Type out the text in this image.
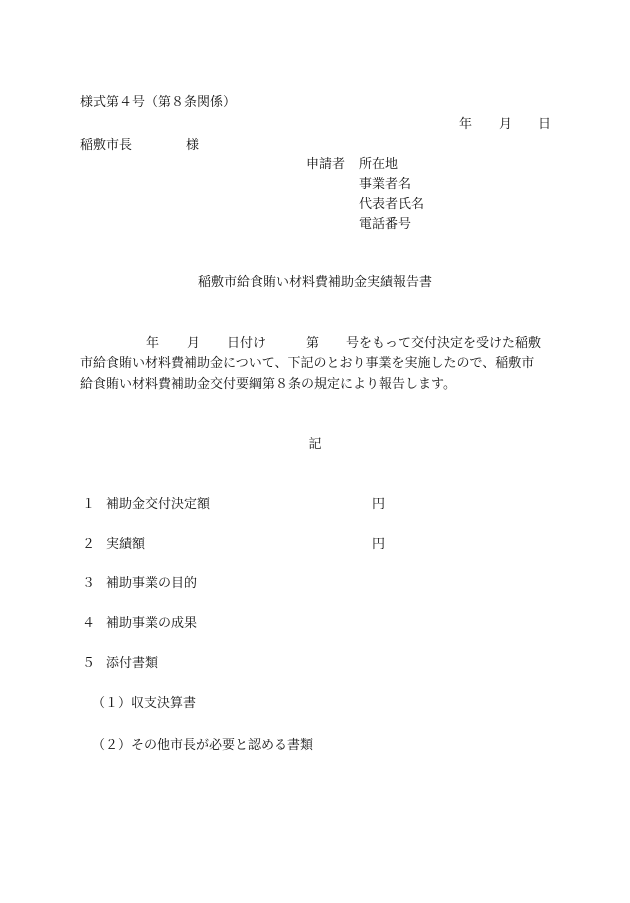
様式第４号（第８条関係）
年 月 日
稲敷市長	様
申請者 所在地
事業者名
代表者氏名
電話番号
稲敷市給食賄い材料費補助金実績報告書
年 月 日付け	第 号をもって交付決定を受けた稲敷
市給食賄い材料費補助金について、下記のとおり事業を実施したので、稲敷市
給食賄い材料費補助金交付要綱第８条の規定により報告します。
記
１ 補助金交付決定額	円
２ 実績額	円
３ 補助事業の目的
４ 補助事業の成果
５ 添付書類
（１）収支決算書
（２）その他市長が必要と認める書類
